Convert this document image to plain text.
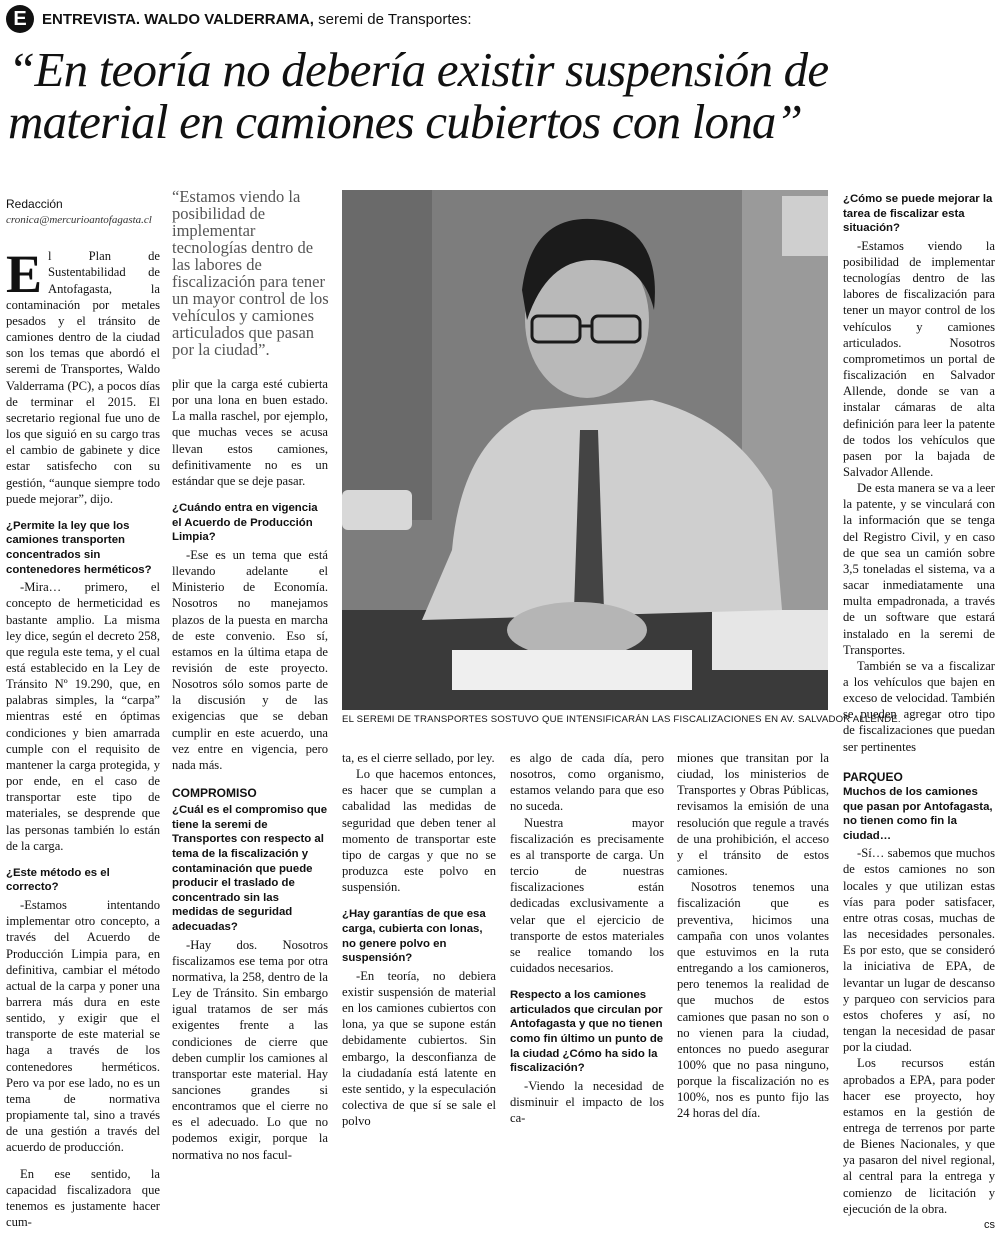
E	ENTREVISTA. WALDO VALDERRAMA, seremi de Transportes:
“En teoría no debería existir suspensión de material en camiones cubiertos con lona”
Redacción
cronica@mercurioantofagasta.cl

El Plan de Sustentabilidad de Antofagasta, la contaminación por metales pesados y el tránsito de camiones dentro de la ciudad son los temas que abordó el seremi de Transportes, Waldo Valderrama (PC), a pocos días de terminar el 2015. El secretario regional fue uno de los que siguió en su cargo tras el cambio de gabinete y dice estar satisfecho con su gestión, “aunque siempre todo puede mejorar”, dijo.

¿Permite la ley que los camiones transporten concentrados sin contenedores herméticos?

-Mira… primero, el concepto de hermeticidad es bastante amplio. La misma ley dice, según el decreto 258, que regula este tema, y el cual está establecido en la Ley de Tránsito Nº 19.290, que, en palabras simples, la “carpa” mientras esté en óptimas condiciones y bien amarrada cumple con el requisito de mantener la carga protegida, y por ende, en el caso de transportar este tipo de materiales, se desprende que las personas también lo están de la carga.

¿Este método es el correcto?

-Estamos intentando implementar otro concepto, a través del Acuerdo de Producción Limpia para, en definitiva, cambiar el método actual de la carpa y poner una barrera más dura en este sentido, y exigir que el transporte de este material se haga a través de los contenedores herméticos. Pero va por ese lado, no es un tema de normativa propiamente tal, sino a través de una gestión a través del acuerdo de producción.

En ese sentido, la capacidad fiscalizadora que tenemos es justamente hacer cum-

“Estamos viendo la posibilidad de implementar tecnologías dentro de las labores de fiscalización para tener un mayor control de los vehículos y camiones articulados que pasan por la ciudad”.

plir que la carga esté cubierta por una lona en buen estado. La malla raschel, por ejemplo, que muchas veces se acusa llevan estos camiones, definitivamente no es un estándar que se deje pasar.

¿Cuándo entra en vigencia el Acuerdo de Producción Limpia?

-Ese es un tema que está llevando adelante el Ministerio de Economía. Nosotros no manejamos plazos de la puesta en marcha de este convenio. Eso sí, estamos en la última etapa de revisión de este proyecto. Nosotros sólo somos parte de la discusión y de las exigencias que se deban cumplir en este acuerdo, una vez entre en vigencia, pero nada más.

COMPROMISO
¿Cuál es el compromiso que tiene la seremi de Transportes con respecto al tema de la fiscalización y contaminación que puede producir el traslado de concentrado sin las medidas de seguridad adecuadas?

-Hay dos. Nosotros fiscalizamos ese tema por otra normativa, la 258, dentro de la Ley de Tránsito. Sin embargo igual tratamos de ser más exigentes frente a las condiciones de cierre que deben cumplir los camiones al transportar este material. Hay sanciones grandes si encontramos que el cierre no es el adecuado. Lo que no podemos exigir, porque la normativa no nos facul-

EL SEREMI DE TRANSPORTES SOSTUVO QUE INTENSIFICARÁN LAS FISCALIZACIONES EN AV. SALVADOR ALLENDE.

ta, es el cierre sellado, por ley.

Lo que hacemos entonces, es hacer que se cumplan a cabalidad las medidas de seguridad que deben tener al momento de transportar este tipo de cargas y que no se produzca este polvo en suspensión.

¿Hay garantías de que esa carga, cubierta con lonas, no genere polvo en suspensión?

-En teoría, no debiera existir suspensión de material en los camiones cubiertos con lona, ya que se supone están debidamente cubiertos. Sin embargo, la desconfianza de la ciudadanía está latente en este sentido, y la especulación colectiva de que sí se sale el polvo

es algo de cada día, pero nosotros, como organismo, estamos velando para que eso no suceda.

Nuestra mayor fiscalización es precisamente es al transporte de carga. Un tercio de nuestras fiscalizaciones están dedicadas exclusivamente a velar que el ejercicio de transporte de estos materiales se realice tomando los cuidados necesarios.

Respecto a los camiones articulados que circulan por Antofagasta y que no tienen como fin último un punto de la ciudad ¿Cómo ha sido la fiscalización?

-Viendo la necesidad de disminuir el impacto de los ca-

miones que transitan por la ciudad, los ministerios de Transportes y Obras Públicas, revisamos la emisión de una resolución que regule a través de una prohibición, el acceso y el tránsito de estos camiones.

Nosotros tenemos una fiscalización que es preventiva, hicimos una campaña con unos volantes que estuvimos en la ruta entregando a los camioneros, pero tenemos la realidad de que muchos de estos camiones que pasan no son o no vienen para la ciudad, entonces no puedo asegurar 100% que no pasa ninguno, porque la fiscalización no es 100%, nos es punto fijo las 24 horas del día.

¿Cómo se puede mejorar la tarea de fiscalizar esta situación?

-Estamos viendo la posibilidad de implementar tecnologías dentro de las labores de fiscalización para tener un mayor control de los vehículos y camiones articulados. Nosotros comprometimos un portal de fiscalización en Salvador Allende, donde se van a instalar cámaras de alta definición para leer la patente de todos los vehículos que pasen por la bajada de Salvador Allende.

De esta manera se va a leer la patente, y se vinculará con la información que se tenga del Registro Civil, y en caso de que sea un camión sobre 3,5 toneladas el sistema, va a sacar inmediatamente una multa empadronada, a través de un software que estará instalado en la seremi de Transportes.

También se va a fiscalizar a los vehículos que bajen en exceso de velocidad. También se pueden agregar otro tipo de fiscalizaciones que puedan ser pertinentes

PARQUEO
Muchos de los camiones que pasan por Antofagasta, no tienen como fin la ciudad…

-Sí… sabemos que muchos de estos camiones no son locales y que utilizan estas vías para poder satisfacer, entre otras cosas, muchas de las necesidades personales. Es por esto, que se consideró la iniciativa de EPA, de levantar un lugar de descanso y parqueo con servicios para estos choferes y así, no tengan la necesidad de pasar por la ciudad.

Los recursos están aprobados a EPA, para poder hacer ese proyecto, hoy estamos en la gestión de entrega de terrenos por parte de Bienes Nacionales, y que ya pasaron del nivel regional, al central para la entrega y comienzo de licitación y ejecución de la obra.

cs
